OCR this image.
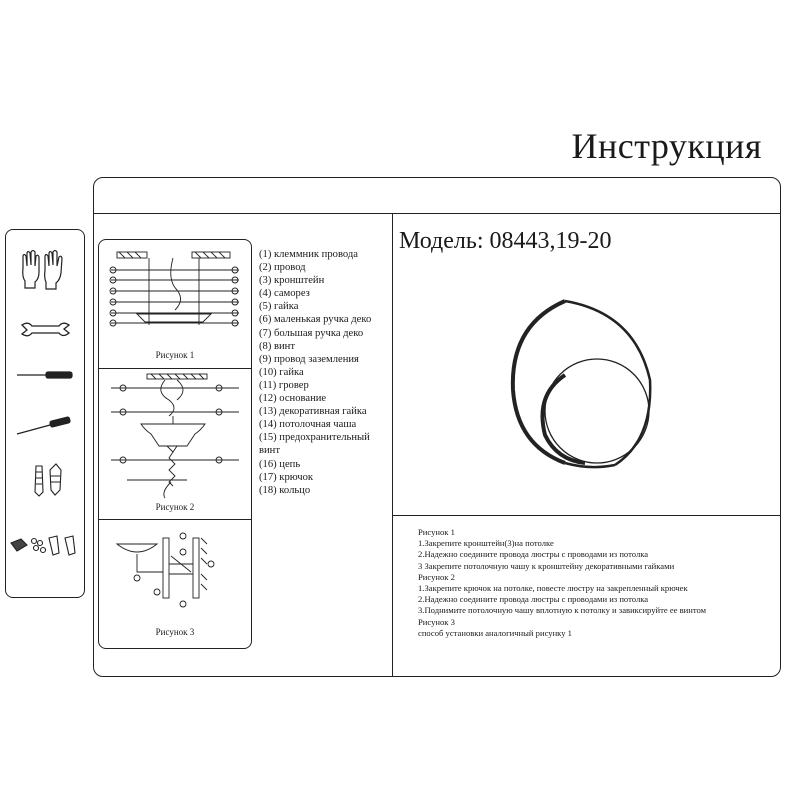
Инструкция
Рисунок 1
Рисунок 2
Рисунок 3
(1) клеммник провода
(2) провод
(3) кронштейн
(4) саморез
(5) гайка
(6) маленькая ручка деко
(7) большая ручка деко
(8) винт
(9) провод заземления
(10) гайка
(11) гровер
(12) основание
(13) декоративная гайка
(14) потолочная чаша
(15) предохранительный
винт
(16) цепь
(17) крючок
(18) кольцо
Модель: 08443,19-20
Рисунок 1
1.Закрепите кронштейн(3)на потолке
2.Надежно соедините провода люстры с проводами из потолка
3 Закрепите потолочную чашу к кронштейну декоративными гайками
Рисунок 2
1.Закрепите крючок на потолке, повесте люстру на закрепленный крючек
2.Надежно соедините провода люстры с проводами из потолка
3.Поднимите потолочную чашу вплотную к потолку и завиксируйте ее винтом
Рисунок 3
способ установки аналогичный рисунку 1
